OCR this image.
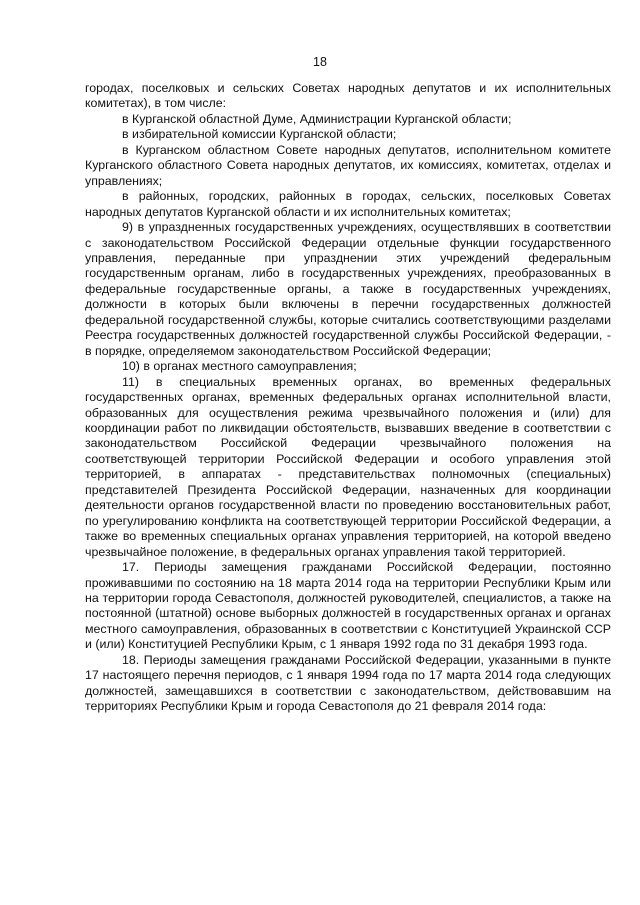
18

городах, поселковых и сельских Советах народных депутатов и их исполнительных комитетах), в том числе:

в Курганской областной Думе, Администрации Курганской области;

в избирательной комиссии Курганской области;

в Курганском областном Совете народных депутатов, исполнительном комитете Курганского областного Совета народных депутатов, их комиссиях, комитетах, отделах и управлениях;

в районных, городских, районных в городах, сельских, поселковых Советах народных депутатов Курганской области и их исполнительных комитетах;

9) в упраздненных государственных учреждениях, осуществлявших в соответствии с законодательством Российской Федерации отдельные функции государственного управления, переданные при упразднении этих учреждений федеральным государственным органам, либо в государственных учреждениях, преобразованных в федеральные государственные органы, а также в государственных учреждениях, должности в которых были включены в перечни государственных должностей федеральной государственной службы, которые считались соответствующими разделами Реестра государственных должностей государственной службы Российской Федерации, - в порядке, определяемом законодательством Российской Федерации;

10) в органах местного самоуправления;

11) в специальных временных органах, во временных федеральных государственных органах, временных федеральных органах исполнительной власти, образованных для осуществления режима чрезвычайного положения и (или) для координации работ по ликвидации обстоятельств, вызвавших введение в соответствии с законодательством Российской Федерации чрезвычайного положения на соответствующей территории Российской Федерации и особого управления этой территорией, в аппаратах - представительствах полномочных (специальных) представителей Президента Российской Федерации, назначенных для координации деятельности органов государственной власти по проведению восстановительных работ, по урегулированию конфликта на соответствующей территории Российской Федерации, а также во временных специальных органах управления территорией, на которой введено чрезвычайное положение, в федеральных органах управления такой территорией.

17. Периоды замещения гражданами Российской Федерации, постоянно проживавшими по состоянию на 18 марта 2014 года на территории Республики Крым или на территории города Севастополя, должностей руководителей, специалистов, а также на постоянной (штатной) основе выборных должностей в государственных органах и органах местного самоуправления, образованных в соответствии с Конституцией Украинской ССР и (или) Конституцией Республики Крым, с 1 января 1992 года по 31 декабря 1993 года.

18. Периоды замещения гражданами Российской Федерации, указанными в пункте 17 настоящего перечня периодов, с 1 января 1994 года по 17 марта 2014 года следующих должностей, замещавшихся в соответствии с законодательством, действовавшим на территориях Республики Крым и города Севастополя до 21 февраля 2014 года:
